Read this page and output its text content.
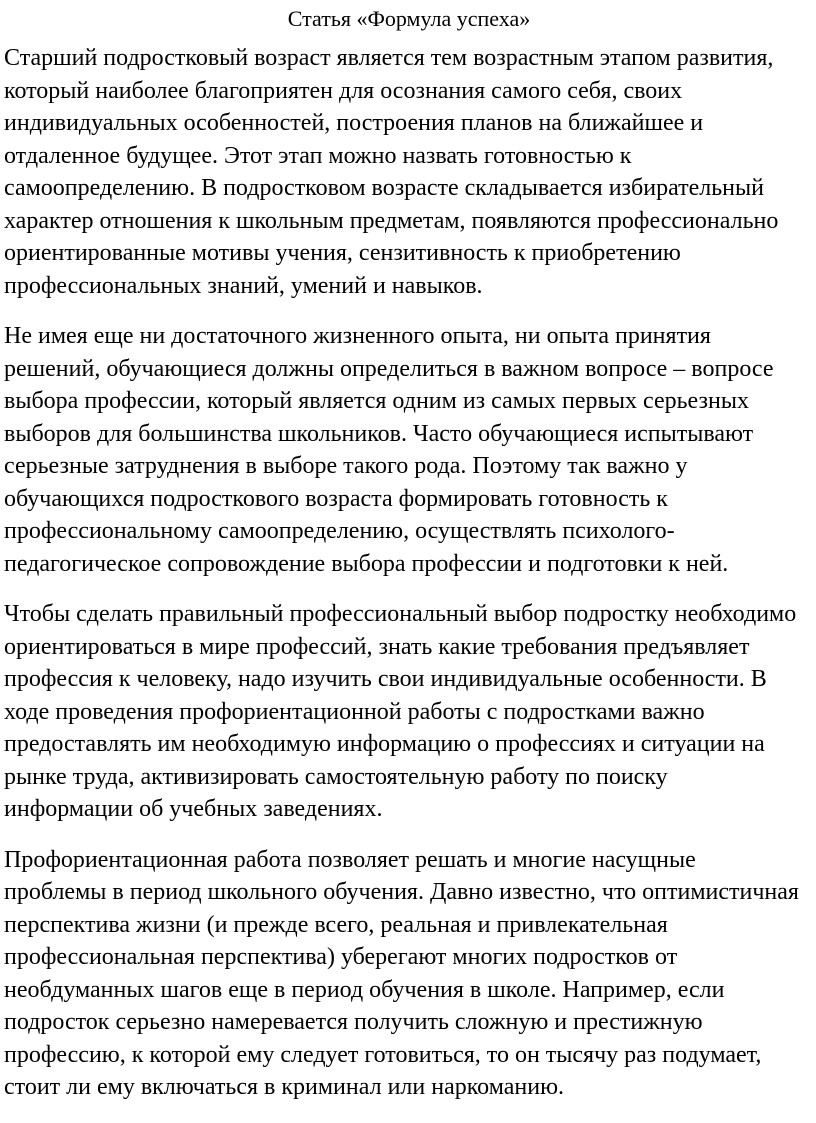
Статья «Формула успеха»

Старший подростковый возраст является тем возрастным этапом развития,
который наиболее благоприятен для осознания самого себя, своих
индивидуальных особенностей, построения планов на ближайшее и
отдаленное будущее. Этот этап можно назвать готовностью к
самоопределению. В подростковом возрасте складывается избирательный
характер отношения к школьным предметам, появляются профессионально
ориентированные мотивы учения, сензитивность к приобретению
профессиональных знаний, умений и навыков.

Не имея еще ни достаточного жизненного опыта, ни опыта принятия
решений, обучающиеся должны определиться в важном вопросе – вопросе
выбора профессии, который является одним из самых первых серьезных
выборов для большинства школьников. Часто обучающиеся испытывают
серьезные затруднения в выборе такого рода. Поэтому так важно у
обучающихся подросткового возраста формировать готовность к
профессиональному самоопределению, осуществлять психолого-
педагогическое сопровождение выбора профессии и подготовки к ней.

Чтобы сделать правильный профессиональный выбор подростку необходимо
ориентироваться в мире профессий, знать какие требования предъявляет
профессия к человеку, надо изучить свои индивидуальные особенности. В
ходе проведения профориентационной работы с подростками важно
предоставлять им необходимую информацию о профессиях и ситуации на
рынке труда, активизировать самостоятельную работу по поиску
информации об учебных заведениях.

Профориентационная работа позволяет решать и многие насущные
проблемы в период школьного обучения. Давно известно, что оптимистичная
перспектива жизни (и прежде всего, реальная и привлекательная
профессиональная перспектива) уберегают многих подростков от
необдуманных шагов еще в период обучения в школе. Например, если
подросток серьезно намеревается получить сложную и престижную
профессию, к которой ему следует готовиться, то он тысячу раз подумает,
стоит ли ему включаться в криминал или наркоманию.
